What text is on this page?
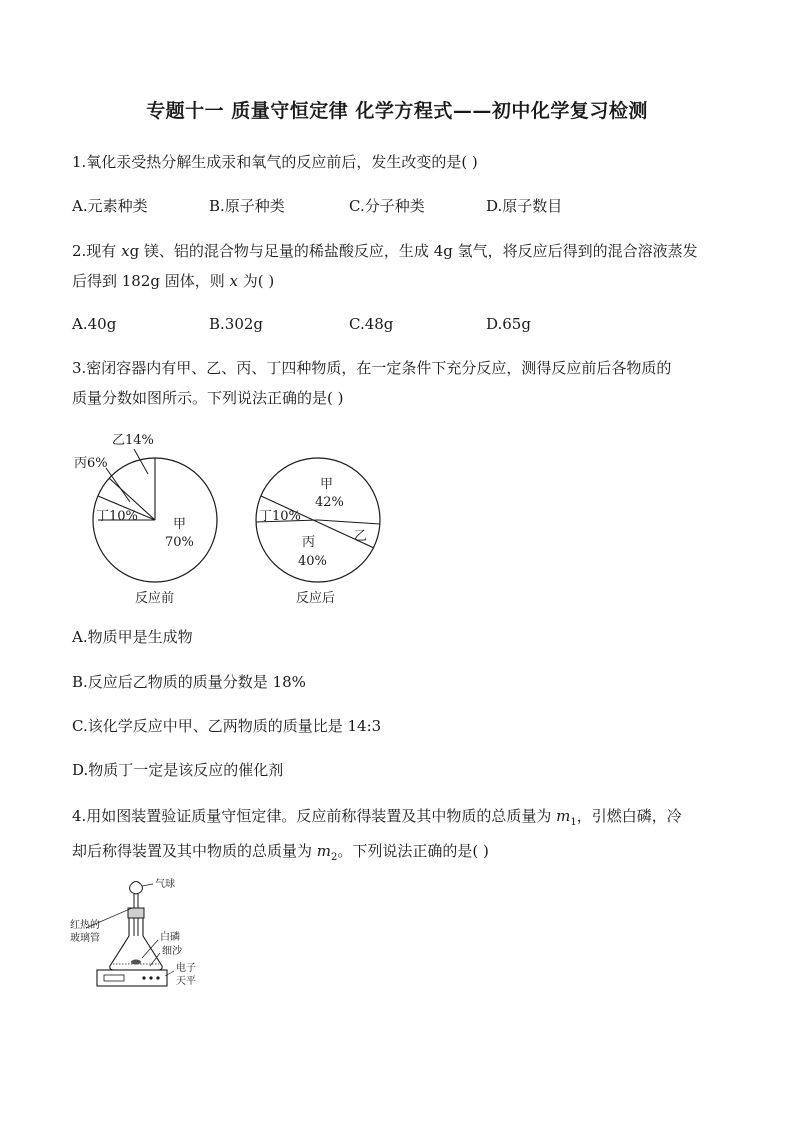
专题十一 质量守恒定律 化学方程式——初中化学复习检测
1.氧化汞受热分解生成汞和氧气的反应前后，发生改变的是( )
A.元素种类	B.原子种类	C.分子种类	D.原子数目
2.现有 xg 镁、铝的混合物与足量的稀盐酸反应，生成 4g 氢气，将反应后得到的混合溶液蒸发
后得到 182g 固体，则 x 为( )
A.40g	B.302g	C.48g	D.65g
3.密闭容器内有甲、乙、丙、丁四种物质，在一定条件下充分反应，测得反应前后各物质的
质量分数如图所示。下列说法正确的是( )
乙14%
丙6%
丁10%
甲
70%
反应前
甲
42%
丁10%
乙
丙
40%
反应后
A.物质甲是生成物
B.反应后乙物质的质量分数是 18%
C.该化学反应中甲、乙两物质的质量比是 14:3
D.物质丁一定是该反应的催化剂
4.用如图装置验证质量守恒定律。反应前称得装置及其中物质的总质量为 $m_1$，引燃白磷，冷
却后称得装置及其中物质的总质量为 $m_2$。下列说法正确的是( )
气球
红热的
玻璃管	白磷
细沙
电子
天平
